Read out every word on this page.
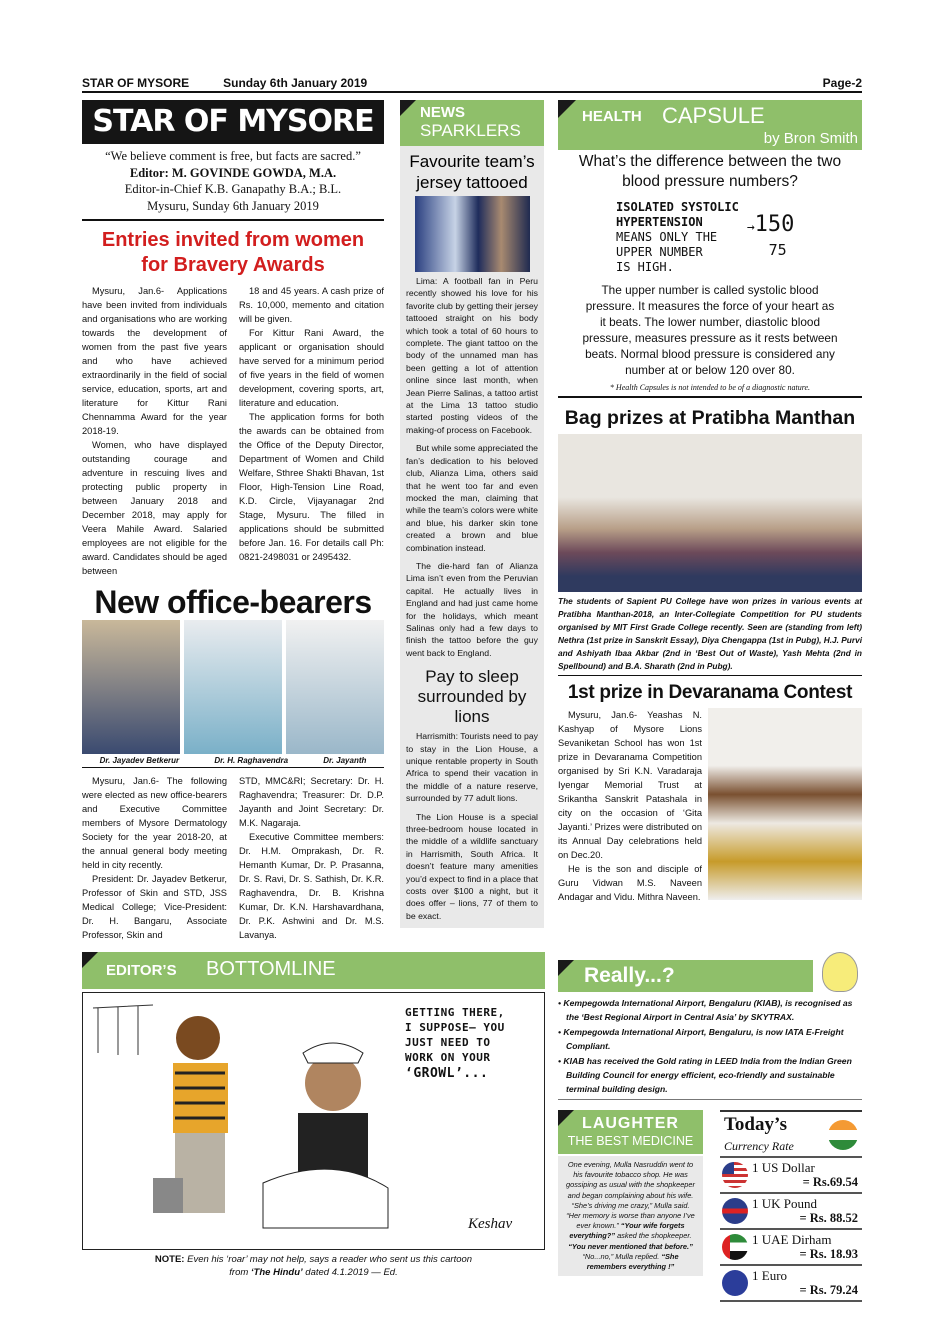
STAR OF MYSORE	Sunday 6th January 2019	Page-2
STAR OF MYSORE
“We believe comment is free, but facts are sacred.”
Editor: M. GOVINDE GOWDA, M.A.
Editor-in-Chief K.B. Ganapathy B.A.; B.L.
Mysuru, Sunday 6th January 2019
Entries invited from women
for Bravery Awards

Mysuru, Jan.6- Applications have been invited from individuals and organisations who are working towards the development of women from the past five years and who have achieved extraordinarily in the field of social service, education, sports, art and literature for Kittur Rani Chennamma Award for the year 2018-19.

Women, who have displayed outstanding courage and adventure in rescuing lives and protecting public property in between January 2018 and December 2018, may apply for Veera Mahile Award. Salaried employees are not eligible for the award. Candidates should be aged between

18 and 45 years. A cash prize of Rs. 10,000, memento and citation will be given.

For Kittur Rani Award, the applicant or organisation should have served for a minimum period of five years in the field of women development, covering sports, art, literature and education.

The application forms for both the awards can be obtained from the Office of the Deputy Director, Department of Women and Child Welfare, Sthree Shakti Bhavan, 1st Floor, High-Tension Line Road, K.D. Circle, Vijayanagar 2nd Stage, Mysuru. The filled in applications should be submitted before Jan. 16. For details call Ph: 0821-2498031 or 2495432.

New office-bearers
Dr. Jayadev Betkerur	Dr. H. Raghavendra	Dr. Jayanth

Mysuru, Jan.6- The following were elected as new office-bearers and Executive Committee members of Mysore Dermatology Society for the year 2018-20, at the annual general body meeting held in city recently.

President: Dr. Jayadev Betkerur, Professor of Skin and STD, JSS Medical College; Vice-President: Dr. H. Bangaru, Associate Professor, Skin and

STD, MMC&RI; Secretary: Dr. H. Raghavendra; Treasurer: Dr. D.P. Jayanth and Joint Secretary: Dr. M.K. Nagaraja.

Executive Committee members: Dr. H.M. Omprakash, Dr. R. Hemanth Kumar, Dr. P. Prasanna, Dr. S. Ravi, Dr. S. Sathish, Dr. K.R. Raghavendra, Dr. B. Krishna Kumar, Dr. K.N. Harshavardhana, Dr. P.K. Ashwini and Dr. M.S. Lavanya.

NEWS
SPARKLERS
Favourite team’s jersey tattooed

Lima: A football fan in Peru recently showed his love for his favorite club by getting their jersey tattooed straight on his body which took a total of 60 hours to complete. The giant tattoo on the body of the unnamed man has been getting a lot of attention online since last month, when Jean Pierre Salinas, a tattoo artist at the Lima 13 tattoo studio started posting videos of the making-of process on Facebook.

But while some appreciated the fan’s dedication to his beloved club, Alianza Lima, others said that he went too far and even mocked the man, claiming that while the team’s colors were white and blue, his darker skin tone created a brown and blue combination instead.

The die-hard fan of Alianza Lima isn’t even from the Peruvian capital. He actually lives in England and had just came home for the holidays, which meant Salinas only had a few days to finish the tattoo before the guy went back to England.

Pay to sleep surrounded by lions

Harrismith: Tourists need to pay to stay in the Lion House, a unique rentable property in South Africa to spend their vacation in the middle of a nature reserve, surrounded by 77 adult lions.

The Lion House is a special three-bedroom house located in the middle of a wildlife sanctuary in Harrismith, South Africa. It doesn’t feature many amenities you’d expect to find in a place that costs over $100 a night, but it does offer – lions, 77 of them to be exact.

HEALTH CAPSULE
by Bron Smith
What’s the difference between the two blood pressure numbers?
ISOLATED SYSTOLIC
HYPERTENSION
MEANS ONLY THE
UPPER NUMBER
IS HIGH.
→150
75
The upper number is called systolic blood pressure. It measures the force of your heart as it beats. The lower number, diastolic blood pressure, measures pressure as it rests between beats. Normal blood pressure is considered any number at or below 120 over 80.
* Health Capsules is not intended to be of a diagnostic nature.
Bag prizes at Pratibha Manthan
The students of Sapient PU College have won prizes in various events at Pratibha Manthan-2018, an Inter-Collegiate Competition for PU students organised by MIT First Grade College recently. Seen are (standing from left) Nethra (1st prize in Sanskrit Essay), Diya Chengappa (1st in Pubg), H.J. Purvi and Ashiyath Ibaa Akbar (2nd in ‘Best Out of Waste), Yash Mehta (2nd in Spellbound) and B.A. Sharath (2nd in Pubg).
1st prize in Devaranama Contest

Mysuru, Jan.6- Yeashas N. Kashyap of Mysore Lions Sevaniketan School has won 1st prize in Devaranama Competition organised by Sri K.N. Varadaraja Iyengar Memorial Trust at Srikantha Sanskrit Patashala in city on the occasion of ‘Gita Jayanti.’ Prizes were distributed on its Annual Day celebrations held on Dec.20.

He is the son and disciple of Guru Vidwan M.S. Naveen Andagar and Vidu. Mithra Naveen.

EDITOR’S BOTTOMLINE
GETTING THERE,
I SUPPOSE— YOU
JUST NEED TO
WORK ON YOUR
‘GROWL’...
Keshav
NOTE: Even his ‘roar’ may not help, says a reader who sent us this cartoon
from ‘The Hindu’ dated 4.1.2019 — Ed.
Really...?
• Kempegowda International Airport, Bengaluru (KIAB), is recognised as the ‘Best Regional Airport in Central Asia’ by SKYTRAX.
• Kempegowda International Airport, Bengaluru, is now IATA E-Freight Compliant.
• KIAB has received the Gold rating in LEED India from the Indian Green Building Council for energy efficient, eco-friendly and sustainable terminal building design.
LAUGHTER
THE BEST MEDICINE
One evening, Mulla Nasruddin went to his favourite tobacco shop. He was gossiping as usual with the shopkeeper and began complaining about his wife. “She’s driving me crazy,” Mulla said. “Her memory is worse than anyone I’ve ever known.” “Your wife forgets everything?” asked the shopkeeper. “You never mentioned that before.” “No...no,” Mulla replied. “She remembers everything !”
Today’s
Currency Rate
1 US Dollar
= Rs.69.54
1 UK Pound
= Rs. 88.52
1 UAE Dirham
= Rs. 18.93
1 Euro
= Rs. 79.24
